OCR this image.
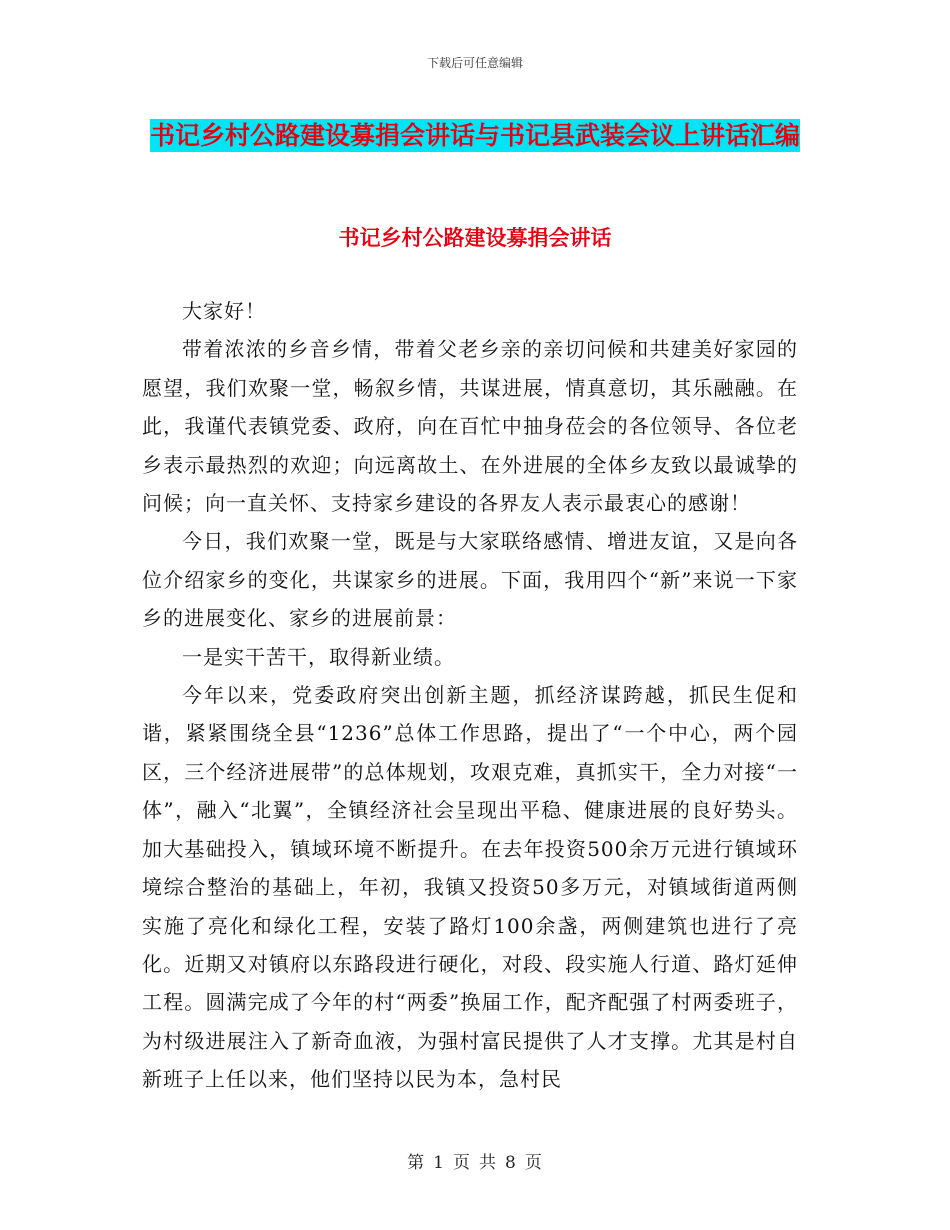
下载后可任意编辑
书记乡村公路建设募捐会讲话与书记县武装会议上讲话汇编
书记乡村公路建设募捐会讲话

大家好！

带着浓浓的乡音乡情，带着父老乡亲的亲切问候和共建美好家园的愿望，我们欢聚一堂，畅叙乡情，共谋进展，情真意切，其乐融融。在此，我谨代表镇党委、政府，向在百忙中抽身莅会的各位领导、各位老乡表示最热烈的欢迎；向远离故土、在外进展的全体乡友致以最诚挚的问候；向一直关怀、支持家乡建设的各界友人表示最衷心的感谢！

今日，我们欢聚一堂，既是与大家联络感情、增进友谊，又是向各位介绍家乡的变化，共谋家乡的进展。下面，我用四个“新”来说一下家乡的进展变化、家乡的进展前景：

一是实干苦干，取得新业绩。

今年以来，党委政府突出创新主题，抓经济谋跨越，抓民生促和谐，紧紧围绕全县“1236”总体工作思路，提出了“一个中心，两个园区，三个经济进展带”的总体规划，攻艰克难，真抓实干，全力对接“一体”，融入“北翼”，全镇经济社会呈现出平稳、健康进展的良好势头。加大基础投入，镇域环境不断提升。在去年投资500余万元进行镇域环境综合整治的基础上，年初，我镇又投资50多万元，对镇域街道两侧实施了亮化和绿化工程，安装了路灯100余盏，两侧建筑也进行了亮化。近期又对镇府以东路段进行硬化，对段、段实施人行道、路灯延伸工程。圆满完成了今年的村“两委”换届工作，配齐配强了村两委班子，为村级进展注入了新奇血液，为强村富民提供了人才支撑。尤其是村自新班子上任以来，他们坚持以民为本，急村民

第 1 页 共 8 页
